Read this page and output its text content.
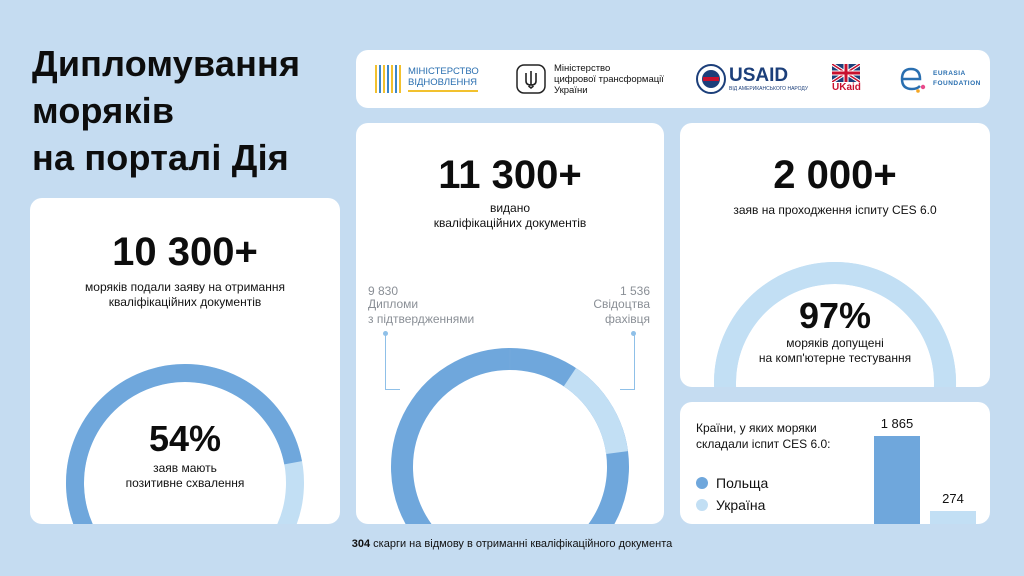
Дипломування
моряків
на порталі Дія
МІНІСТЕРСТВО
ВІДНОВЛЕННЯ
Міністерство
цифрової трансформації
України
USAID
ВІД АМЕРИКАНСЬКОГО НАРОДУ UKaid
EURASIA
FOUNDATION
10 300+
моряків подали заяву на отримання
кваліфікаційних документів
54%
заяв мають
позитивне схвалення
11 300+
видано
кваліфікаційних документів
9 830
Дипломи
з підтвердженнями
1 536
Свідоцтва
фахівця
2 000+
заяв на проходження іспиту CES 6.0
97%
моряків допущені
на комп'ютерне тестування
Країни, у яких моряки
складали іспит CES 6.0:
Польща
Україна
1 865
274
304 скарги на відмову в отриманні кваліфікаційного документа
